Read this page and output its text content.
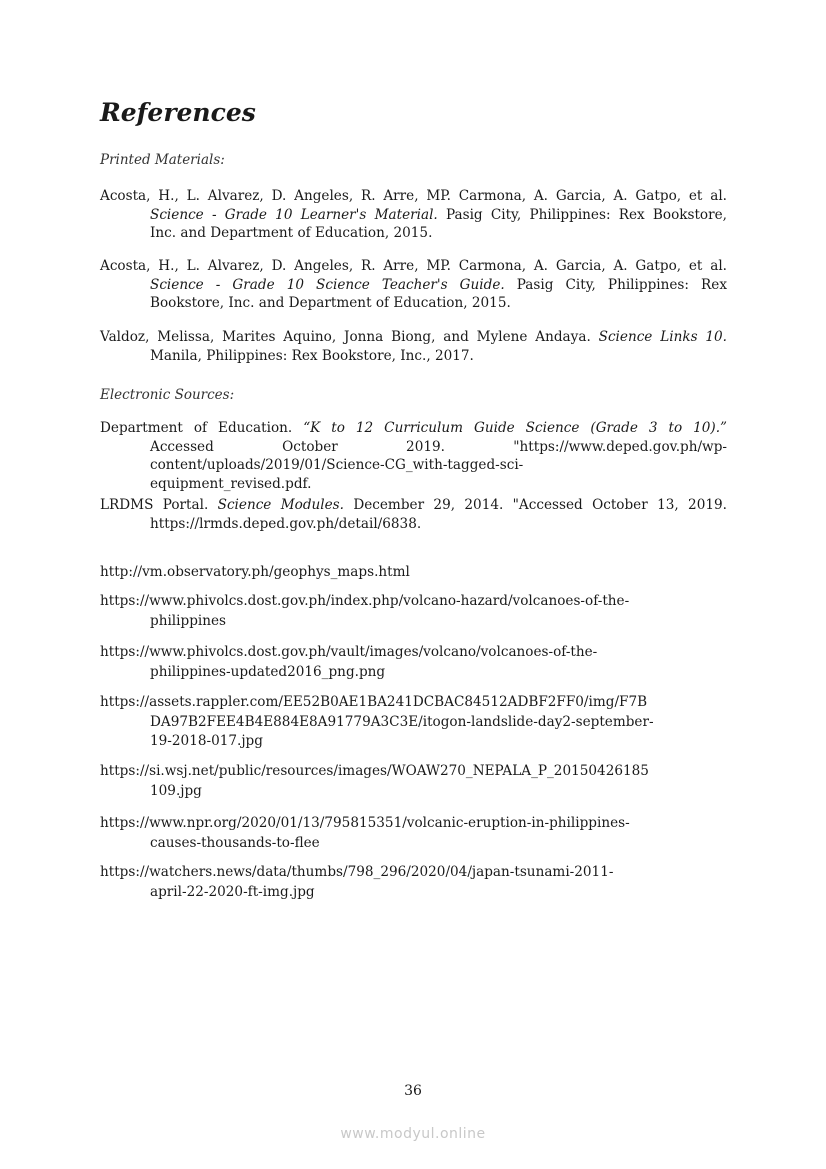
References
Printed Materials:
Electronic Sources:
Acosta, H., L. Alvarez, D. Angeles, R. Arre, MP. Carmona, A. Garcia, A. Gatpo, et al.
Science - Grade 10 Learner's Material. Pasig City, Philippines: Rex Bookstore,
Inc. and Department of Education, 2015.
Acosta, H., L. Alvarez, D. Angeles, R. Arre, MP. Carmona, A. Garcia, A. Gatpo, et al.
Science - Grade 10 Science Teacher's Guide. Pasig City, Philippines: Rex
Bookstore, Inc. and Department of Education, 2015.
Valdoz, Melissa, Marites Aquino, Jonna Biong, and Mylene Andaya. Science Links 10.
Manila, Philippines: Rex Bookstore, Inc., 2017.
Department of Education. “K to 12 Curriculum Guide Science (Grade 3 to 10).”
Accessed October 2019. "https://www.deped.gov.ph/wp-
content/uploads/2019/01/Science-CG_with-tagged-sci-
equipment_revised.pdf.
LRDMS Portal. Science Modules. December 29, 2014. "Accessed October 13, 2019.
https://lrmds.deped.gov.ph/detail/6838.
http://vm.observatory.ph/geophys_maps.html
https://www.phivolcs.dost.gov.ph/index.php/volcano-hazard/volcanoes-of-the-
philippines
https://www.phivolcs.dost.gov.ph/vault/images/volcano/volcanoes-of-the-
philippines-updated2016_png.png
https://assets.rappler.com/EE52B0AE1BA241DCBAC84512ADBF2FF0/img/F7B
DA97B2FEE4B4E884E8A91779A3C3E/itogon-landslide-day2-september-
19-2018-017.jpg
https://si.wsj.net/public/resources/images/WOAW270_NEPALA_P_20150426185
109.jpg
https://www.npr.org/2020/01/13/795815351/volcanic-eruption-in-philippines-
causes-thousands-to-flee
https://watchers.news/data/thumbs/798_296/2020/04/japan-tsunami-2011-
april-22-2020-ft-img.jpg
36
www.modyul.online
